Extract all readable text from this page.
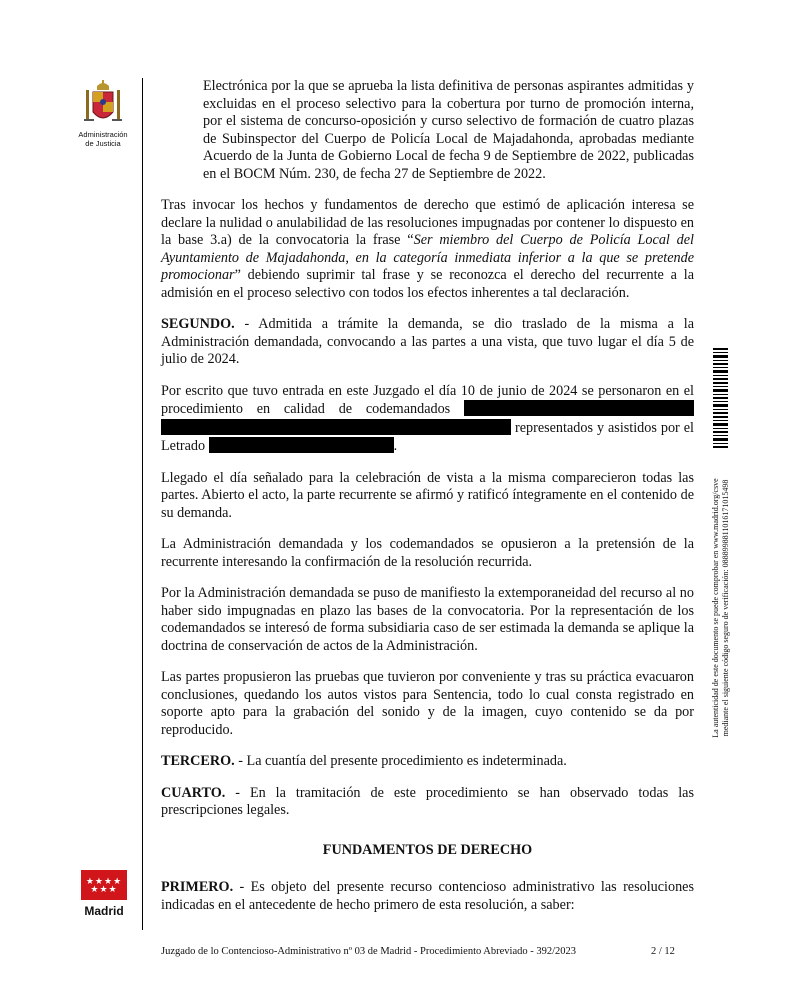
Administración
de Justicia
★★★★
★★★
Madrid

Electrónica por la que se aprueba la lista definitiva de personas aspirantes admitidas y excluidas en el proceso selectivo para la cobertura por turno de promoción interna, por el sistema de concurso-oposición y curso selectivo de formación de cuatro plazas de Subinspector del Cuerpo de Policía Local de Majadahonda, aprobadas mediante Acuerdo de la Junta de Gobierno Local de fecha 9 de Septiembre de 2022, publicadas en el BOCM Núm. 230, de fecha 27 de Septiembre de 2022.

Tras invocar los hechos y fundamentos de derecho que estimó de aplicación interesa se declare la nulidad o anulabilidad de las resoluciones impugnadas por contener lo dispuesto en la base 3.a) de la convocatoria la frase “Ser miembro del Cuerpo de Policía Local del Ayuntamiento de Majadahonda, en la categoría inmediata inferior a la que se pretende promocionar” debiendo suprimir tal frase y se reconozca el derecho del recurrente a la admisión en el proceso selectivo con todos los efectos inherentes a tal declaración.

SEGUNDO. - Admitida a trámite la demanda, se dio traslado de la misma a la Administración demandada, convocando a las partes a una vista, que tuvo lugar el día 5 de julio de 2024.

Por escrito que tuvo entrada en este Juzgado el día 10 de junio de 2024 se personaron en el procedimiento en calidad de codemandados  representados y asistidos por el Letrado	.

Llegado el día señalado para la celebración de vista a la misma comparecieron todas las partes. Abierto el acto, la parte recurrente se afirmó y ratificó íntegramente en el contenido de su demanda.

La Administración demandada y los codemandados se opusieron a la pretensión de la recurrente interesando la confirmación de la resolución recurrida.

Por la Administración demandada se puso de manifiesto la extemporaneidad del recurso al no haber sido impugnadas en plazo las bases de la convocatoria. Por la representación de los codemandados se interesó de forma subsidiaria caso de ser estimada la demanda se aplique la doctrina de conservación de actos de la Administración.

Las partes propusieron las pruebas que tuvieron por conveniente y tras su práctica evacuaron conclusiones, quedando los autos vistos para Sentencia, todo lo cual consta registrado en soporte apto para la grabación del sonido y de la imagen, cuyo contenido se da por reproducido.

TERCERO. - La cuantía del presente procedimiento es indeterminada.

CUARTO. - En la tramitación de este procedimiento se han observado todas las prescripciones legales.

FUNDAMENTOS DE DERECHO

PRIMERO. - Es objeto del presente recurso contencioso administrativo las resoluciones indicadas en el antecedente de hecho primero de esta resolución, a saber:

La autenticidad de este documento se puede comprobar en www.madrid.org/csve mediante el siguiente código seguro de verificación: 0888998811016171015498
Juzgado de lo Contencioso-Administrativo nº 03 de Madrid - Procedimiento Abreviado - 392/2023	2 / 12
